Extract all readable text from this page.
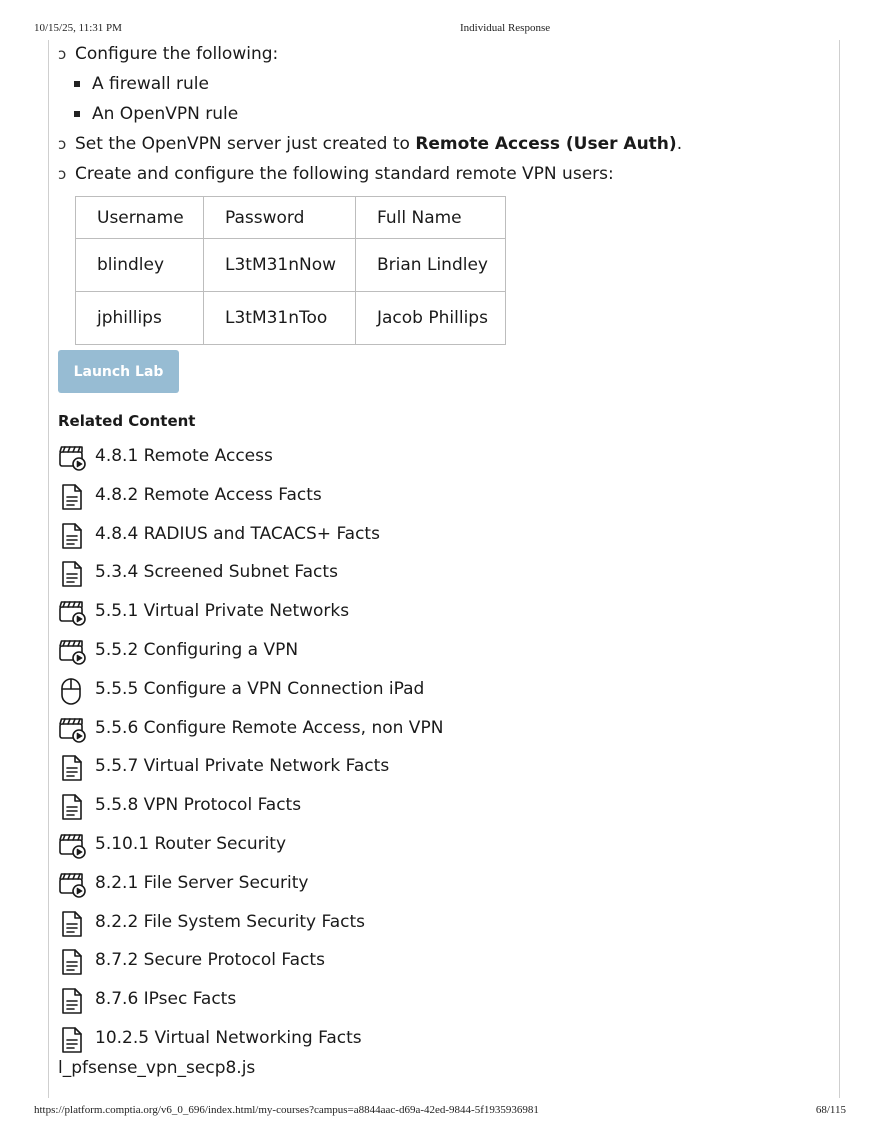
10/15/25, 11:31 PM	Individual Response
ↄ Configure the following:
A firewall rule
An OpenVPN rule
ↄ Set the OpenVPN server just created to Remote Access (User Auth).
ↄ Create and configure the following standard remote VPN users:
Username	Password	Full Name
blindley	L3tM31nNow	Brian Lindley
jphillips	L3tM31nToo	Jacob Phillips
Launch Lab
Related Content
4.8.1 Remote Access
4.8.2 Remote Access Facts
4.8.4 RADIUS and TACACS+ Facts
5.3.4 Screened Subnet Facts
5.5.1 Virtual Private Networks
5.5.2 Configuring a VPN
5.5.5 Configure a VPN Connection iPad
5.5.6 Configure Remote Access, non VPN
5.5.7 Virtual Private Network Facts
5.5.8 VPN Protocol Facts
5.10.1 Router Security
8.2.1 File Server Security
8.2.2 File System Security Facts
8.7.2 Secure Protocol Facts
8.7.6 IPsec Facts
10.2.5 Virtual Networking Facts
l_pfsense_vpn_secp8.js
https://platform.comptia.org/v6_0_696/index.html/my-courses?campus=a8844aac-d69a-42ed-9844-5f1935936981	68/115
